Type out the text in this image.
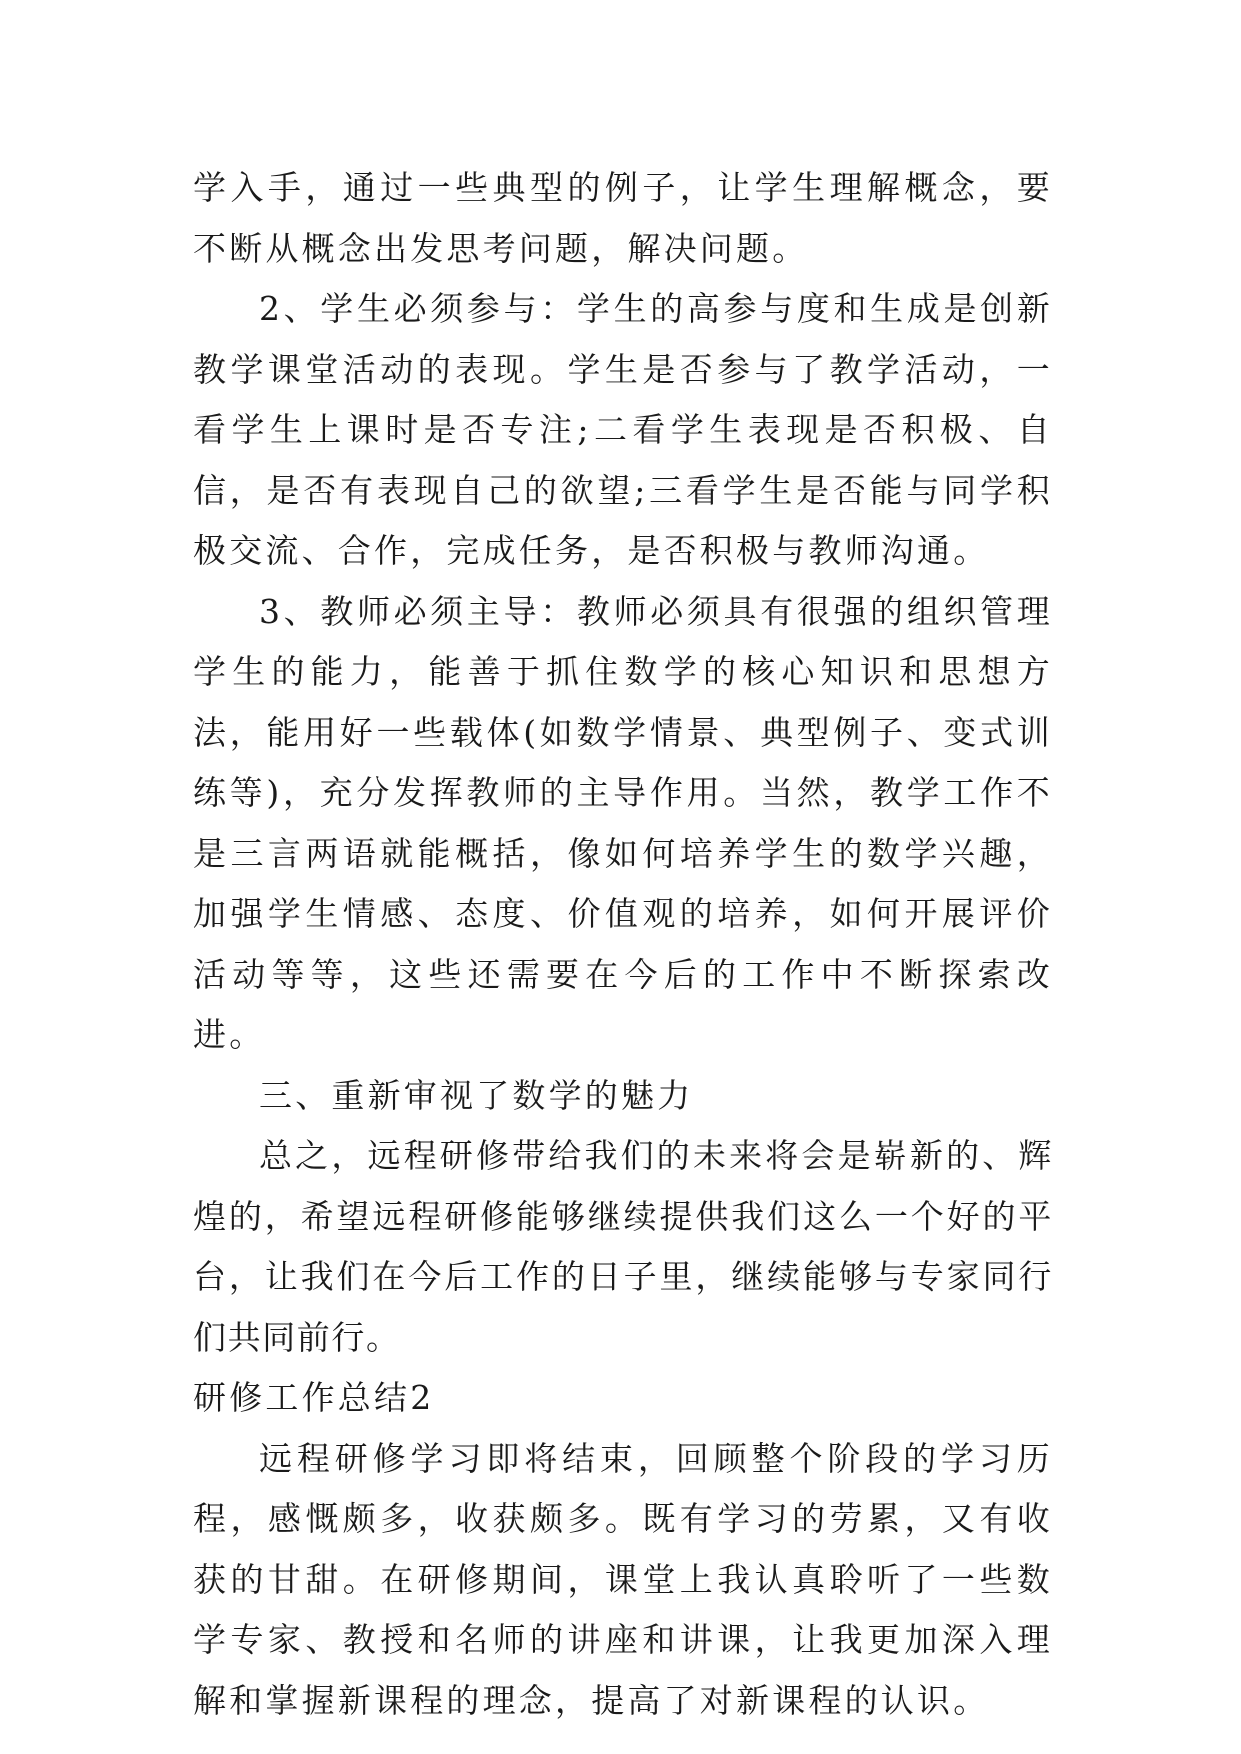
学入手，通过一些典型的例子，让学生理解概念，要不断从概念出发思考问题，解决问题。

2、学生必须参与：学生的高参与度和生成是创新教学课堂活动的表现。学生是否参与了教学活动，一看学生上课时是否专注;二看学生表现是否积极、自信，是否有表现自己的欲望;三看学生是否能与同学积极交流、合作，完成任务，是否积极与教师沟通。

3、教师必须主导：教师必须具有很强的组织管理学生的能力，能善于抓住数学的核心知识和思想方法，能用好一些载体(如数学情景、典型例子、变式训练等)，充分发挥教师的主导作用。当然，教学工作不是三言两语就能概括，像如何培养学生的数学兴趣，加强学生情感、态度、价值观的培养，如何开展评价活动等等，这些还需要在今后的工作中不断探索改进。

三、重新审视了数学的魅力

总之，远程研修带给我们的未来将会是崭新的、辉煌的，希望远程研修能够继续提供我们这么一个好的平台，让我们在今后工作的日子里，继续能够与专家同行们共同前行。

研修工作总结2

远程研修学习即将结束，回顾整个阶段的学习历程，感慨颇多，收获颇多。既有学习的劳累，又有收获的甘甜。在研修期间，课堂上我认真聆听了一些数学专家、教授和名师的讲座和讲课，让我更加深入理解和掌握新课程的理念，提高了对新课程的认识。
